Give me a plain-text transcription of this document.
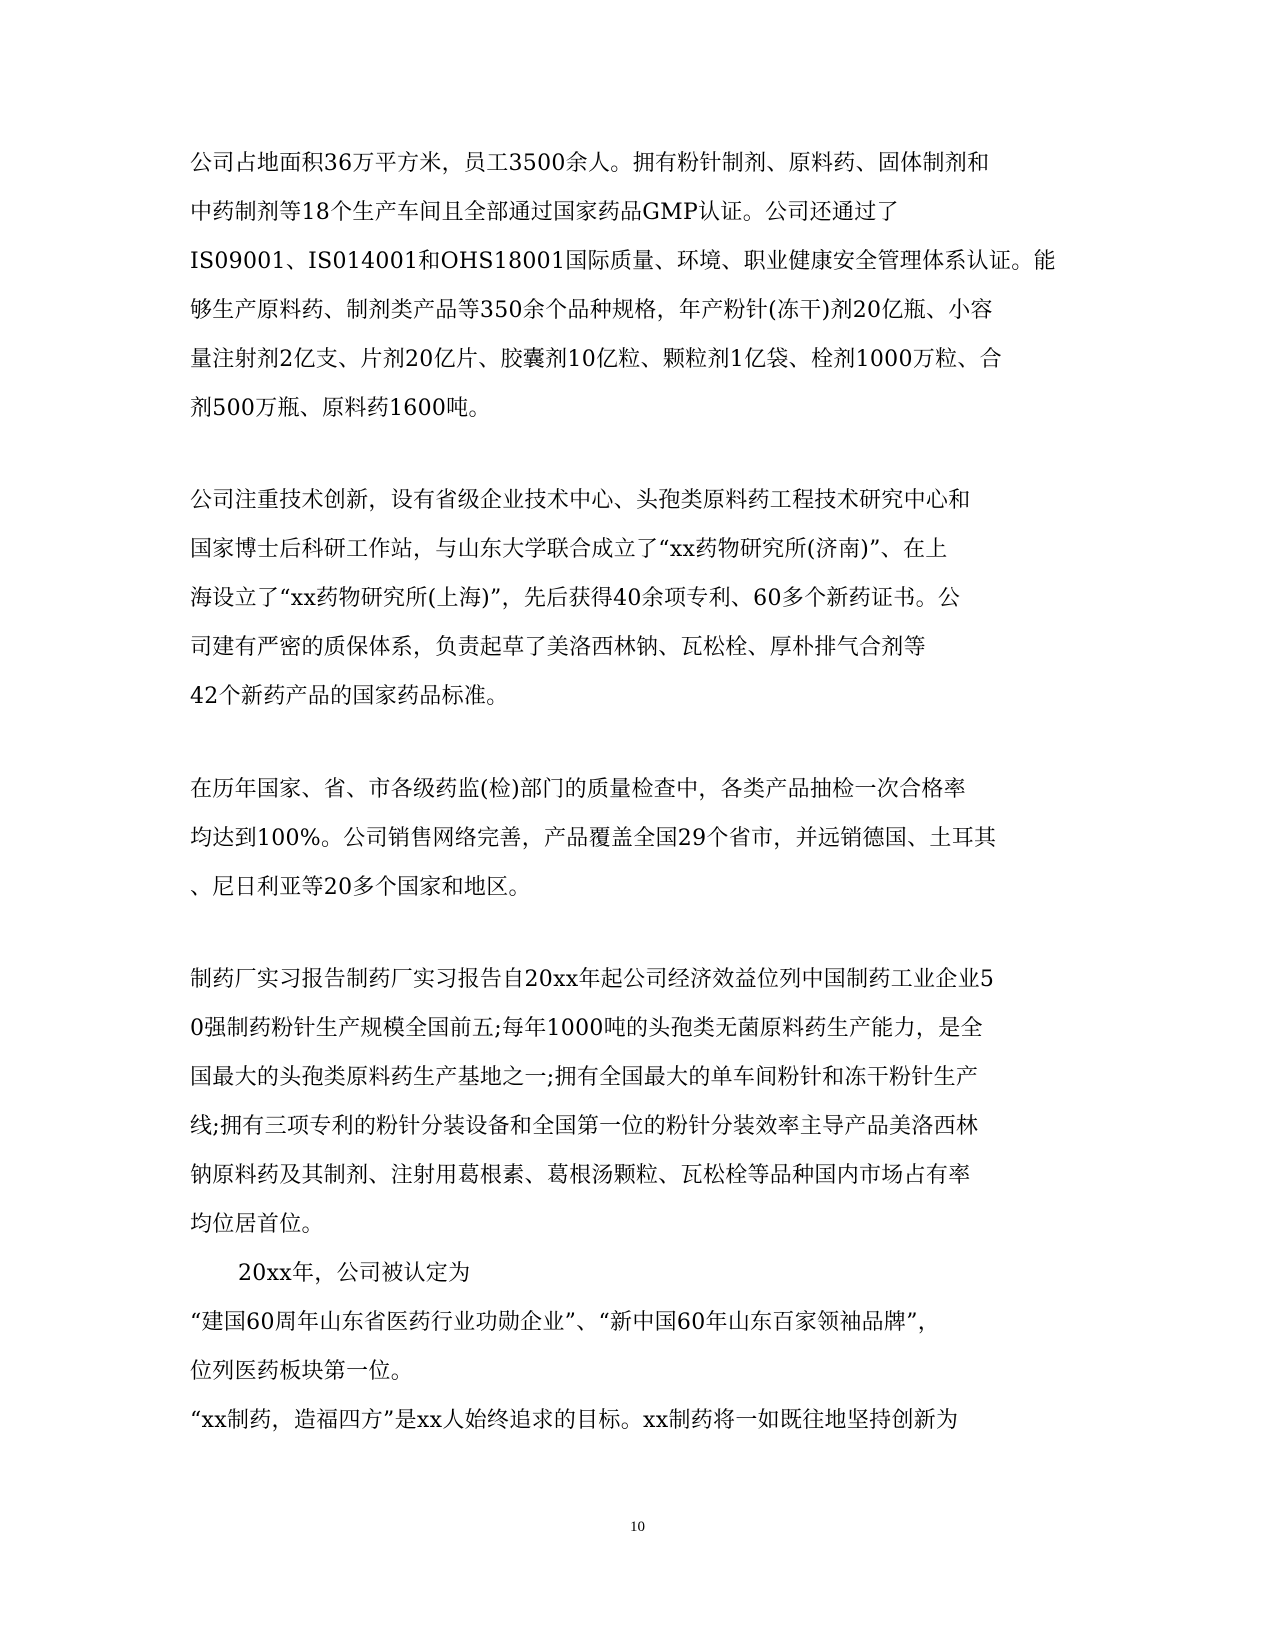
公司占地面积36万平方米，员工3500余人。拥有粉针制剂、原料药、固体制剂和
中药制剂等18个生产车间且全部通过国家药品GMP认证。公司还通过了
IS09001、IS014001和OHS18001国际质量、环境、职业健康安全管理体系认证。能
够生产原料药、制剂类产品等350余个品种规格，年产粉针(冻干)剂20亿瓶、小容
量注射剂2亿支、片剂20亿片、胶囊剂10亿粒、颗粒剂1亿袋、栓剂1000万粒、合
剂500万瓶、原料药1600吨。
公司注重技术创新，设有省级企业技术中心、头孢类原料药工程技术研究中心和
国家博士后科研工作站，与山东大学联合成立了“xx药物研究所(济南)”、在上
海设立了“xx药物研究所(上海)”，先后获得40余项专利、60多个新药证书。公
司建有严密的质保体系，负责起草了美洛西林钠、瓦松栓、厚朴排气合剂等
42个新药产品的国家药品标准。
在历年国家、省、市各级药监(检)部门的质量检查中，各类产品抽检一次合格率
均达到100%。公司销售网络完善，产品覆盖全国29个省市，并远销德国、土耳其
、尼日利亚等20多个国家和地区。
制药厂实习报告制药厂实习报告自20xx年起公司经济效益位列中国制药工业企业5
0强制药粉针生产规模全国前五;每年1000吨的头孢类无菌原料药生产能力，是全
国最大的头孢类原料药生产基地之一;拥有全国最大的单车间粉针和冻干粉针生产
线;拥有三项专利的粉针分装设备和全国第一位的粉针分装效率主导产品美洛西林
钠原料药及其制剂、注射用葛根素、葛根汤颗粒、瓦松栓等品种国内市场占有率
均位居首位。
20xx年，公司被认定为
“建国60周年山东省医药行业功勋企业”、“新中国60年山东百家领袖品牌”，
位列医药板块第一位。
“xx制药，造福四方”是xx人始终追求的目标。xx制药将一如既往地坚持创新为
10
